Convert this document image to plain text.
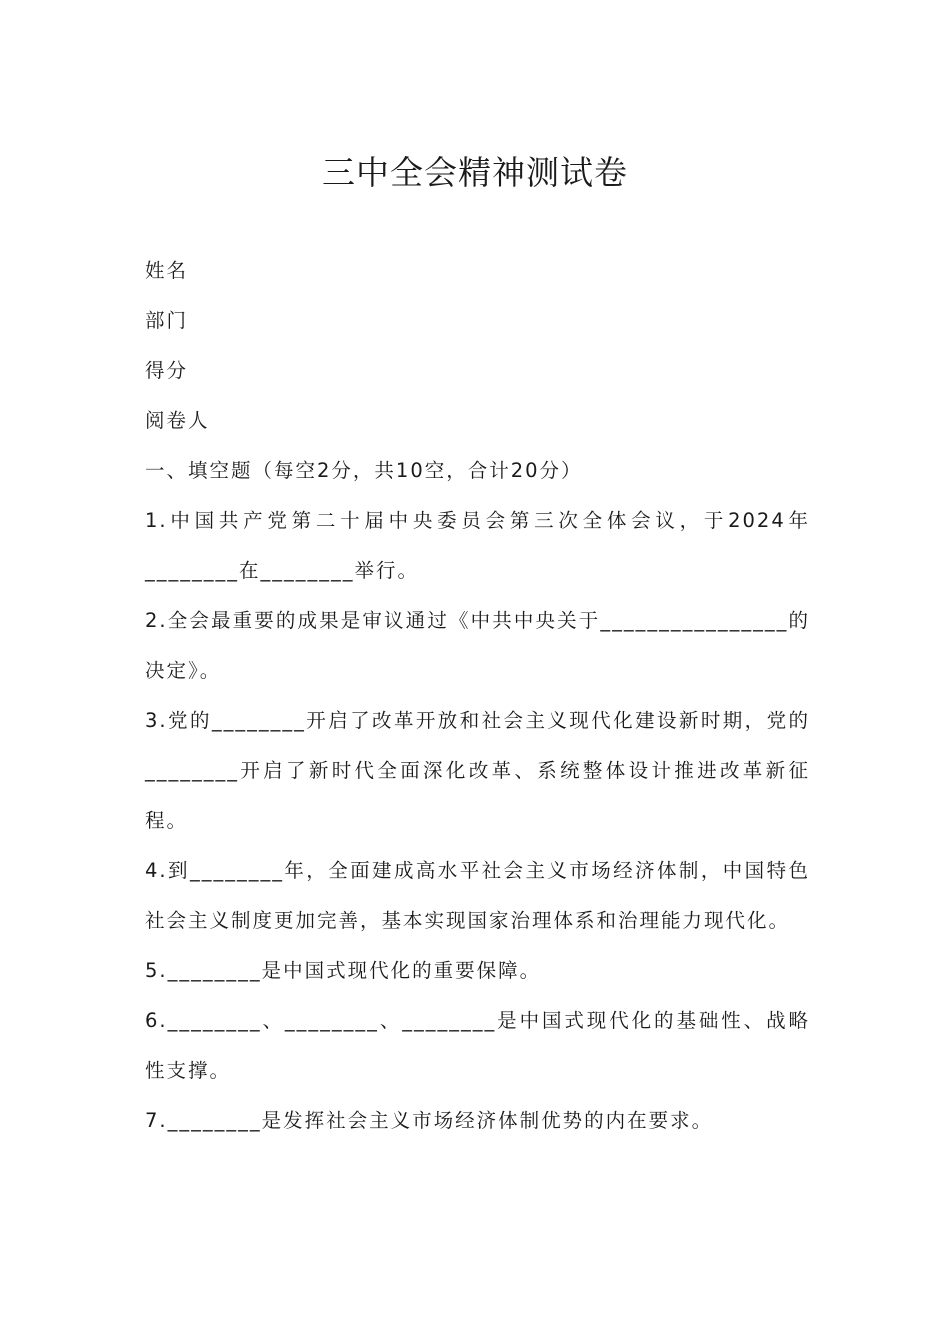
三中全会精神测试卷

姓名

部门

得分

阅卷人

一、填空题（每空2分，共10空，合计20分）

1.中国共产党第二十届中央委员会第三次全体会议，于2024年________在________举行。

2.全会最重要的成果是审议通过《中共中央关于________________的决定》。

3.党的________开启了改革开放和社会主义现代化建设新时期，党的________开启了新时代全面深化改革、系统整体设计推进改革新征程。

4.到________年，全面建成高水平社会主义市场经济体制，中国特色社会主义制度更加完善，基本实现国家治理体系和治理能力现代化。

5.________是中国式现代化的重要保障。

6.________、________、________是中国式现代化的基础性、战略性支撑。

7.________是发挥社会主义市场经济体制优势的内在要求。
